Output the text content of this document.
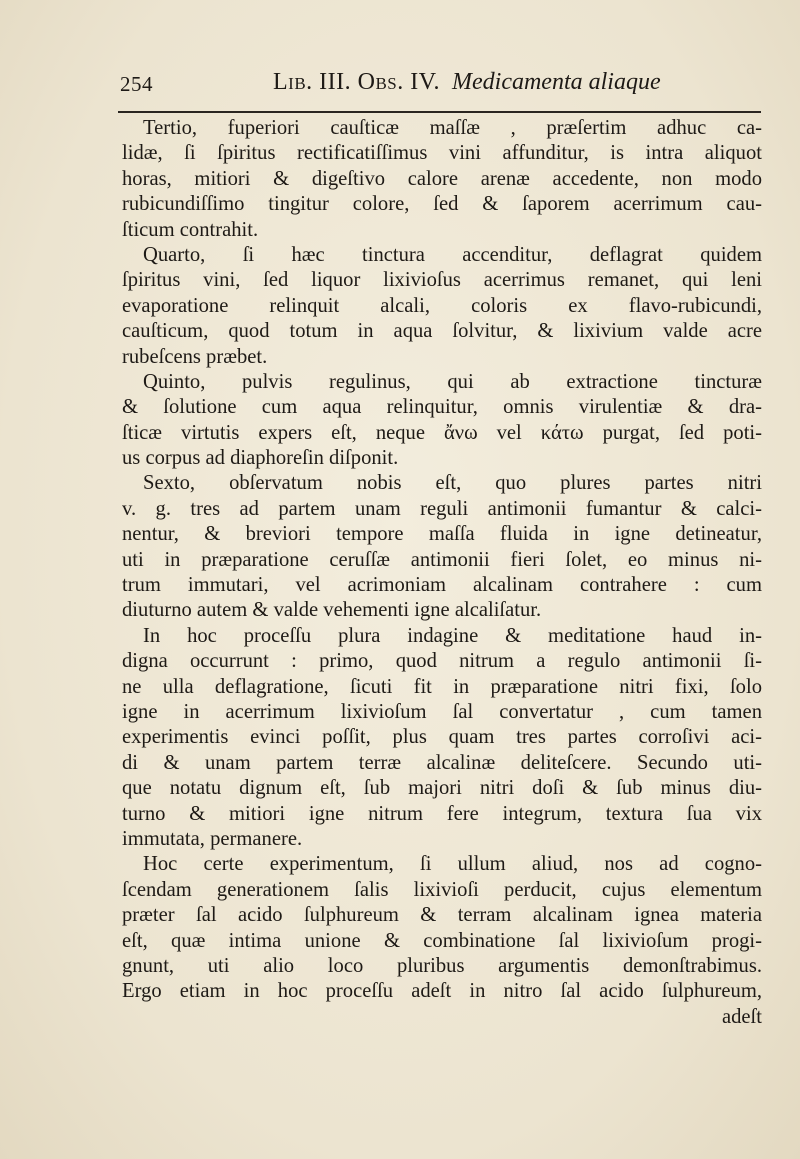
254	Lib. III. Obs. IV. Medicamenta aliaque
Tertio, fuperiori cauſticæ maſſæ , præſertim adhuc ca-
lidæ, ſi ſpiritus rectificatiſſimus vini affunditur, is intra aliquot
horas, mitiori & digeſtivo calore arenæ accedente, non modo
rubicundiſſimo tingitur colore, ſed & ſaporem acerrimum cau-
ſticum contrahit.
Quarto, ſi hæc tinctura accenditur, deflagrat quidem
ſpiritus vini, ſed liquor lixivioſus acerrimus remanet, qui leni
evaporatione relinquit alcali, coloris ex flavo-rubicundi,
cauſticum, quod totum in aqua ſolvitur, & lixivium valde acre
rubeſcens præbet.
Quinto, pulvis regulinus, qui ab extractione tincturæ
& ſolutione cum aqua relinquitur, omnis virulentiæ & dra-
ſticæ virtutis expers eſt, neque ἄνω vel κάτω purgat, ſed poti-
us corpus ad diaphoreſin diſponit.
Sexto, obſervatum nobis eſt, quo plures partes nitri
v. g. tres ad partem unam reguli antimonii fumantur & calci-
nentur, & breviori tempore maſſa fluida in igne detineatur,
uti in præparatione ceruſſæ antimonii fieri ſolet, eo minus ni-
trum immutari, vel acrimoniam alcalinam contrahere : cum
diuturno autem & valde vehementi igne alcaliſatur.
In hoc proceſſu plura indagine & meditatione haud in-
digna occurrunt : primo, quod nitrum a regulo antimonii ſi-
ne ulla deflagratione, ſicuti fit in præparatione nitri fixi, ſolo
igne in acerrimum lixivioſum ſal convertatur , cum tamen
experimentis evinci poſſit, plus quam tres partes corroſivi aci-
di & unam partem terræ alcalinæ deliteſcere. Secundo uti-
que notatu dignum eſt, ſub majori nitri doſi & ſub minus diu-
turno & mitiori igne nitrum fere integrum, textura ſua vix
immutata, permanere.
Hoc certe experimentum, ſi ullum aliud, nos ad cogno-
ſcendam generationem ſalis lixivioſi perducit, cujus elementum
præter ſal acido ſulphureum & terram alcalinam ignea materia
eſt, quæ intima unione & combinatione ſal lixivioſum progi-
gnunt, uti alio loco pluribus argumentis demonſtrabimus.
Ergo etiam in hoc proceſſu adeſt in nitro ſal acido ſulphureum,
adeſt
